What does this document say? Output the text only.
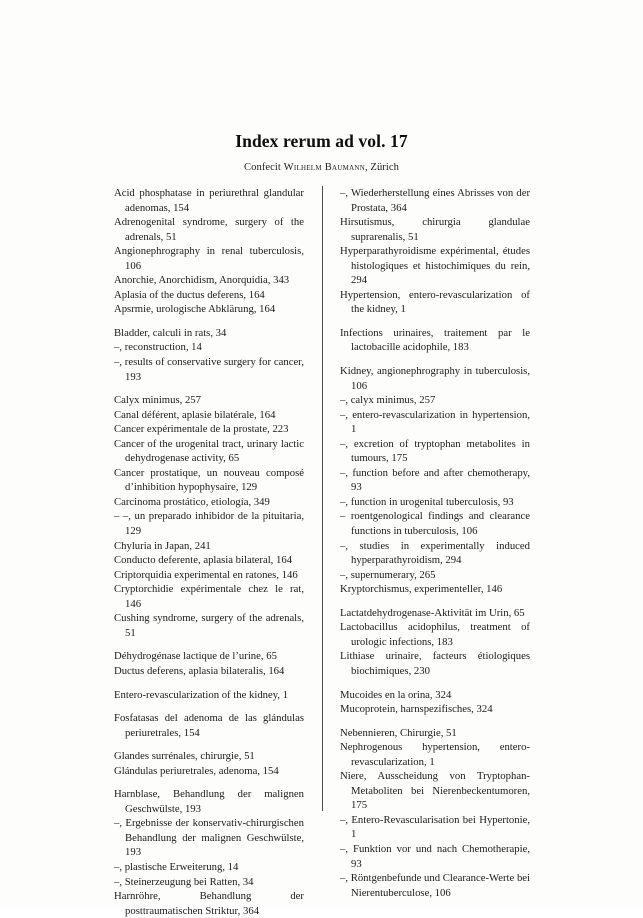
Index rerum ad vol. 17

Confecit Wilhelm Baumann, Zürich

Acid phosphatase in periurethral glandular adenomas, 154
Adrenogenital syndrome, surgery of the adrenals, 51
Angionephrography in renal tuberculosis, 106
Anorchie, Anorchidism, Anorquidia, 343
Aplasia of the ductus deferens, 164
Apsrmie, urologische Abklärung, 164
Bladder, calculi in rats, 34
–, reconstruction, 14
–, results of conservative surgery for cancer, 193
Calyx minimus, 257
Canal déférent, aplasie bilatérale, 164
Cancer expérimentale de la prostate, 223
Cancer of the urogenital tract, urinary lactic dehydrogenase activity, 65
Cancer prostatique, un nouveau composé d’inhibition hypophysaire, 129
Carcinoma prostático, etiología, 349
– –, un preparado inhibidor de la pituitaria, 129
Chyluria in Japan, 241
Conducto deferente, aplasia bilateral, 164
Criptorquidia experimental en ratones, 146
Cryptorchidie expérimentale chez le rat, 146
Cushing syndrome, surgery of the adrenals, 51
Déhydrogénase lactique de l’urine, 65
Ductus deferens, aplasia bilateralis, 164
Entero-revascularization of the kidney, 1
Fosfatasas del adenoma de las glándulas periuretrales, 154
Glandes surrénales, chirurgie, 51
Glándulas periuretrales, adenoma, 154
Harnblase, Behandlung der malignen Geschwülste, 193
–, Ergebnisse der konservativ-chirurgischen Behandlung der malignen Geschwülste, 193
–, plastische Erweiterung, 14
–, Steinerzeugung bei Ratten, 34
Harnröhre, Behandlung der posttraumatischen Striktur, 364
–, Wiederherstellung eines Abrisses von der Prostata, 364
Hirsutismus, chirurgia glandulae suprarenalis, 51
Hyperparathyroidisme expérimental, études histologiques et histochimiques du rein, 294
Hypertension, entero-revascularization of the kidney, 1
Infections urinaires, traitement par le lactobacille acidophile, 183
Kidney, angionephrography in tuberculosis, 106
–, calyx minimus, 257
–, entero-revascularization in hypertension, 1
–, excretion of tryptophan metabolites in tumours, 175
–, function before and after chemotherapy, 93
–, function in urogenital tuberculosis, 93
– roentgenological findings and clearance functions in tuberculosis, 106
–, studies in experimentally induced hyperparathyroidism, 294
–, supernumerary, 265
Kryptorchismus, experimenteller, 146
Lactatdehydrogenase-Aktivität im Urin, 65
Lactobacillus acidophilus, treatment of urologic infections, 183
Lithiase urinaire, facteurs étiologiques biochimiques, 230
Mucoides en la orina, 324
Mucoprotein, harnspezifisches, 324
Nebennieren, Chirurgie, 51
Nephrogenous hypertension, entero-revascularization, 1
Niere, Ausscheidung von Tryptophan-Metaboliten bei Nierenbeckentumoren, 175
–, Entero-Revascularisation bei Hypertonie, 1
–, Funktion vor und nach Chemotherapie, 93
–, Röntgenbefunde und Clearance-Werte bei Nierentuberculose, 106
